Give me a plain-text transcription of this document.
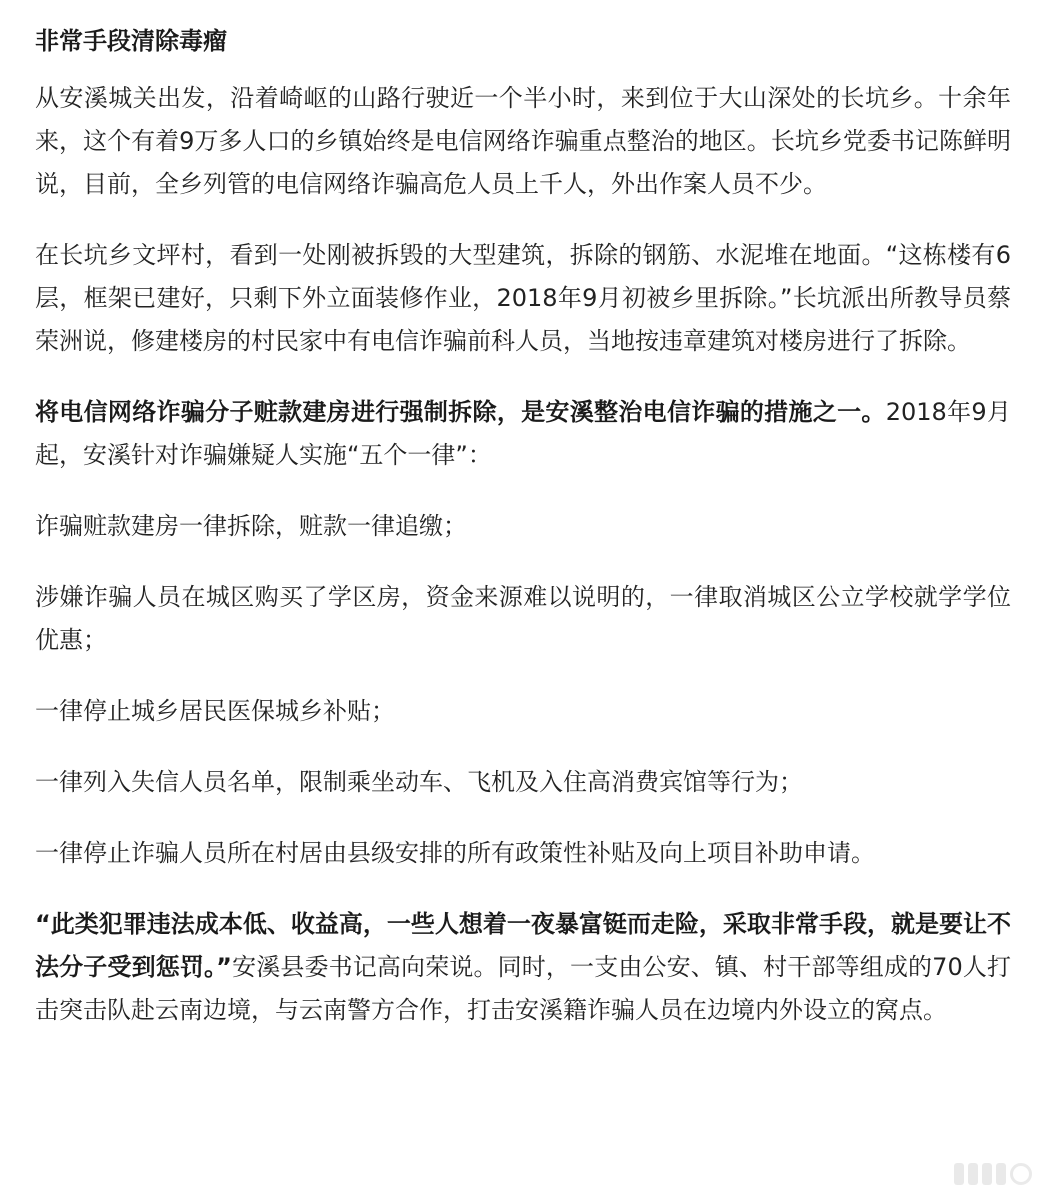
非常手段清除毒瘤

从安溪城关出发，沿着崎岖的山路行驶近一个半小时，来到位于大山深处的长坑乡。十余年来，这个有着9万多人口的乡镇始终是电信网络诈骗重点整治的地区。长坑乡党委书记陈鲜明说，目前，全乡列管的电信网络诈骗高危人员上千人，外出作案人员不少。

在长坑乡文坪村，看到一处刚被拆毁的大型建筑，拆除的钢筋、水泥堆在地面。“这栋楼有6层，框架已建好，只剩下外立面装修作业，2018年9月初被乡里拆除。”长坑派出所教导员蔡荣洲说，修建楼房的村民家中有电信诈骗前科人员，当地按违章建筑对楼房进行了拆除。

将电信网络诈骗分子赃款建房进行强制拆除，是安溪整治电信诈骗的措施之一。2018年9月起，安溪针对诈骗嫌疑人实施“五个一律”：

诈骗赃款建房一律拆除，赃款一律追缴；

涉嫌诈骗人员在城区购买了学区房，资金来源难以说明的，一律取消城区公立学校就学学位优惠；

一律停止城乡居民医保城乡补贴；

一律列入失信人员名单，限制乘坐动车、飞机及入住高消费宾馆等行为；

一律停止诈骗人员所在村居由县级安排的所有政策性补贴及向上项目补助申请。

“此类犯罪违法成本低、收益高，一些人想着一夜暴富铤而走险，采取非常手段，就是要让不法分子受到惩罚。”安溪县委书记高向荣说。同时，一支由公安、镇、村干部等组成的70人打击突击队赴云南边境，与云南警方合作，打击安溪籍诈骗人员在边境内外设立的窝点。
